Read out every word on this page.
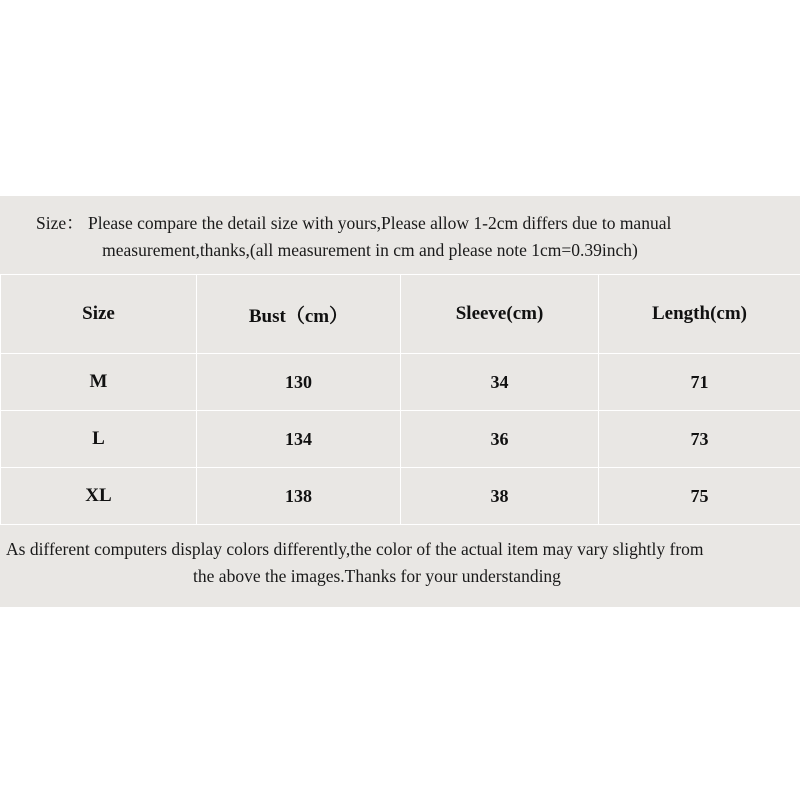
Size： Please compare the detail size with yours,Please allow 1-2cm differs due to manual
measurement,thanks,(all measurement in cm and please note 1cm=0.39inch)
Size	Bust（cm）	Sleeve(cm)	Length(cm)
M	130	34	71
L	134	36	73
XL	138	38	75
As different computers display colors differently,the color of the actual item may vary slightly from
the above the images.Thanks for your understanding
